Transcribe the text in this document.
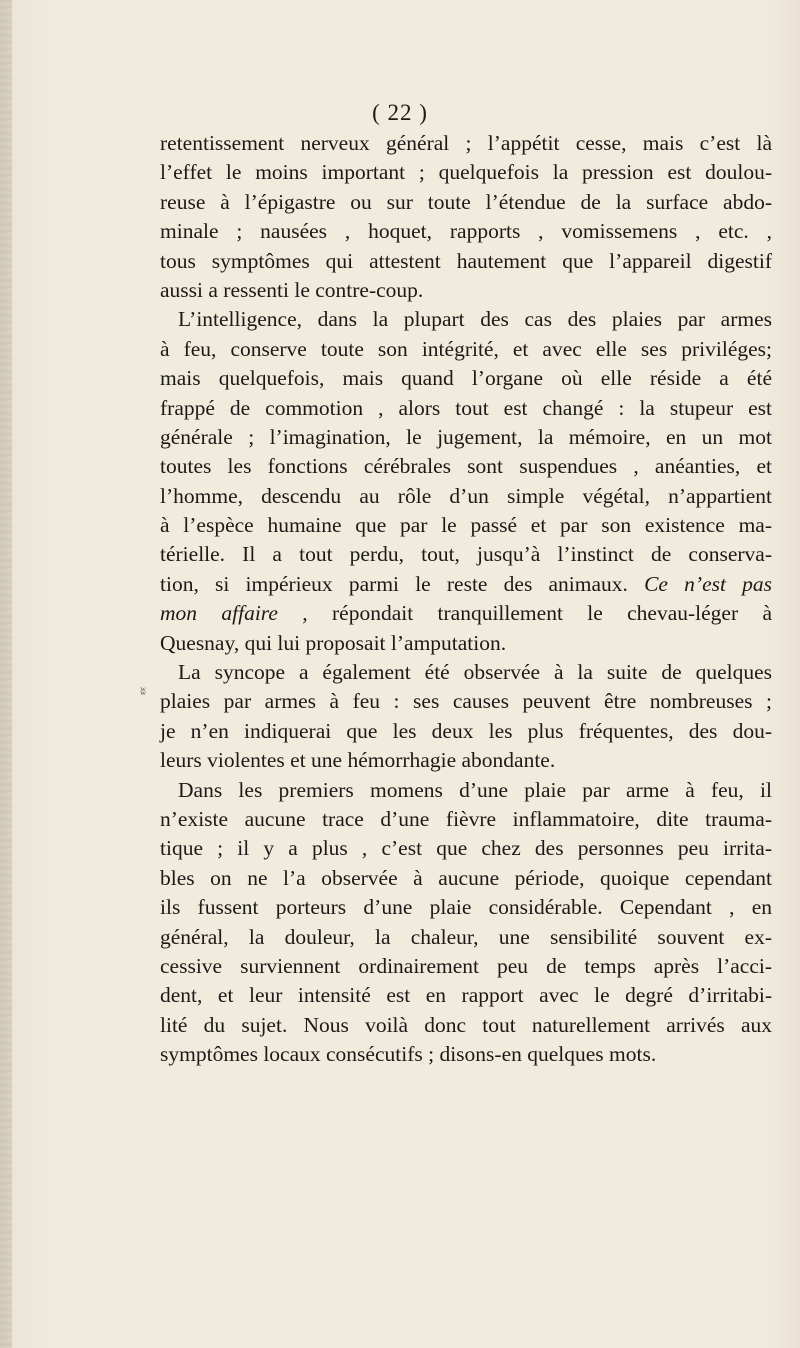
( 22 )
ʬ
retentissement nerveux général ; l’appétit cesse, mais c’est là
l’effet le moins important ; quelquefois la pression est doulou-
reuse à l’épigastre ou sur toute l’étendue de la surface abdo-
minale ; nausées , hoquet, rapports , vomissemens , etc. ,
tous symptômes qui attestent hautement que l’appareil digestif
aussi a ressenti le contre-coup.
L’intelligence, dans la plupart des cas des plaies par armes
à feu, conserve toute son intégrité, et avec elle ses priviléges;
mais quelquefois, mais quand l’organe où elle réside a été
frappé de commotion , alors tout est changé : la stupeur est
générale ; l’imagination, le jugement, la mémoire, en un mot
toutes les fonctions cérébrales sont suspendues , anéanties, et
l’homme, descendu au rôle d’un simple végétal, n’appartient
à l’espèce humaine que par le passé et par son existence ma-
térielle. Il a tout perdu, tout, jusqu’à l’instinct de conserva-
tion, si impérieux parmi le reste des animaux. Ce n’est pas
mon affaire , répondait tranquillement le chevau-léger à
Quesnay, qui lui proposait l’amputation.
La syncope a également été observée à la suite de quelques
plaies par armes à feu : ses causes peuvent être nombreuses ;
je n’en indiquerai que les deux les plus fréquentes, des dou-
leurs violentes et une hémorrhagie abondante.
Dans les premiers momens d’une plaie par arme à feu, il
n’existe aucune trace d’une fièvre inflammatoire, dite trauma-
tique ; il y a plus , c’est que chez des personnes peu irrita-
bles on ne l’a observée à aucune période, quoique cependant
ils fussent porteurs d’une plaie considérable. Cependant , en
général, la douleur, la chaleur, une sensibilité souvent ex-
cessive surviennent ordinairement peu de temps après l’acci-
dent, et leur intensité est en rapport avec le degré d’irritabi-
lité du sujet. Nous voilà donc tout naturellement arrivés aux
symptômes locaux consécutifs ; disons-en quelques mots.
